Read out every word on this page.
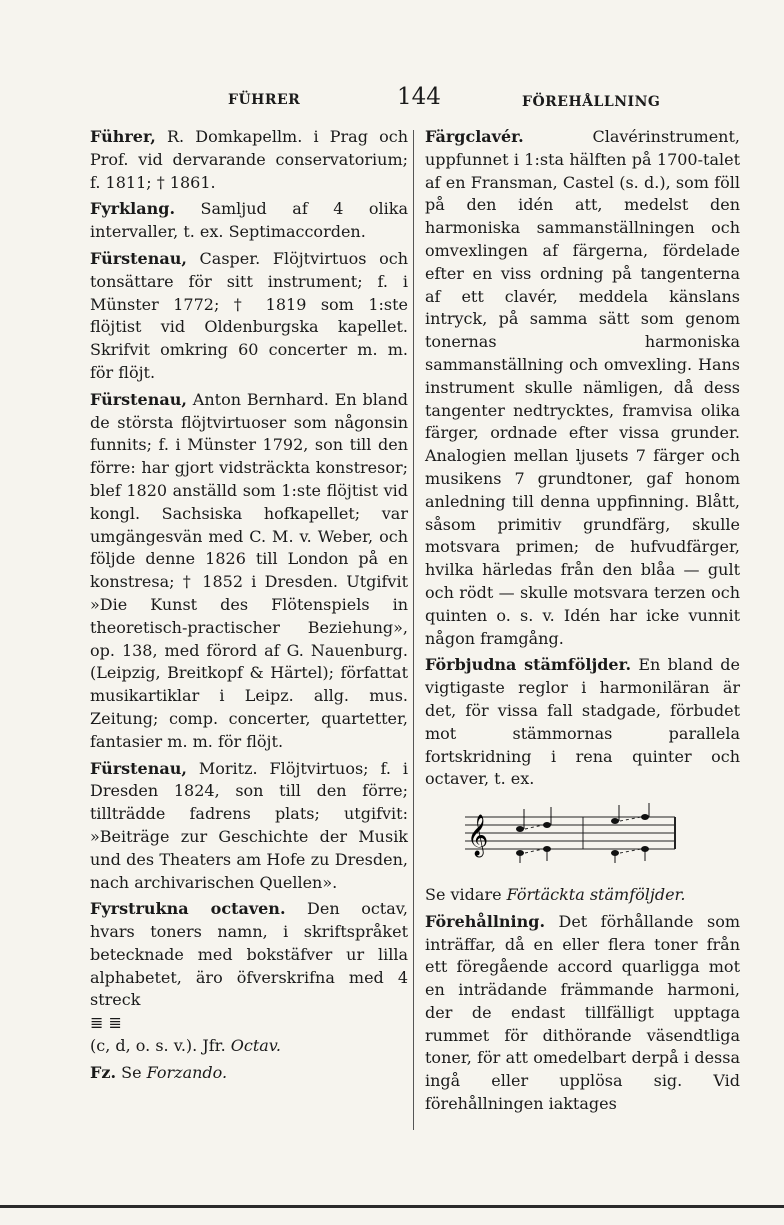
FÜHRER	144	FÖREHÅLLNING

Führer, R. Domkapellm. i Prag och Prof. vid dervarande conservatorium; f. 1811; † 1861.

Fyrklang. Samljud af 4 olika intervaller, t. ex. Septimaccorden.

Fürstenau, Casper. Flöjtvirtuos och tonsättare för sitt instrument; f. i Münster 1772; † 1819 som 1:ste flöjtist vid Oldenburgska kapellet. Skrifvit omkring 60 concerter m. m. för flöjt.

Fürstenau, Anton Bernhard. En bland de största flöjtvirtuoser som någonsin funnits; f. i Münster 1792, son till den förre: har gjort vidsträckta konstresor; blef 1820 anställd som 1:ste flöjtist vid kongl. Sachsiska hofkapellet; var umgängesvän med C. M. v. Weber, och följde denne 1826 till London på en konstresa; † 1852 i Dresden. Utgifvit »Die Kunst des Flötenspiels in theoretisch-practischer Beziehung», op. 138, med förord af G. Nauenburg. (Leipzig, Breitkopf & Härtel); författat musikartiklar i Leipz. allg. mus. Zeitung; comp. concerter, quartetter, fantasier m. m. för flöjt.

Fürstenau, Moritz. Flöjtvirtuos; f. i Dresden 1824, son till den förre; tillträdde fadrens plats; utgifvit: »Beiträge zur Geschichte der Musik und des Theaters am Hofe zu Dresden, nach archivarischen Quellen».

Fyrstrukna octaven. Den octav, hvars toners namn, i skriftspråket betecknade med bokstäfver ur lilla alphabetet, äro öfverskrifna med 4 streck

≣ ≣
(c, d, o. s. v.). Jfr. Octav.
Fz. Se Forzando.

Färgclavér. Clavérinstrument, uppfunnet i 1:sta hälften på 1700-talet af en Fransman, Castel (s. d.), som föll på den idén att, medelst den harmoniska sammanställningen och omvexlingen af färgerna, fördelade efter en viss ordning på tangenterna af ett clavér, meddela känslans intryck, på samma sätt som genom tonernas harmoniska sammanställning och omvexling. Hans instrument skulle nämligen, då dess tangenter nedtrycktes, framvisa olika färger, ordnade efter vissa grunder. Analogien mellan ljusets 7 färger och musikens 7 grundtoner, gaf honom anledning till denna uppfinning. Blått, såsom primitiv grundfärg, skulle motsvara primen; de hufvudfärger, hvilka härledas från den blåa — gult och rödt — skulle motsvara terzen och quinten o. s. v. Idén har icke vunnit någon framgång.

Förbjudna stämföljder. En bland de vigtigaste reglor i harmoniläran är det, för vissa fall stadgade, förbudet mot stämmornas parallela fortskridning i rena quinter och octaver, t. ex.

𝄞
Se vidare Förtäckta stämföljder.

Förehållning. Det förhållande som inträffar, då en eller flera toner från ett föregående accord quarligga mot en inträdande främmande harmoni, der de endast tillfälligt upptaga rummet för dithörande väsendtliga toner, för att omedelbart derpå i dessa ingå eller upplösa sig. Vid förehållningen iaktages
